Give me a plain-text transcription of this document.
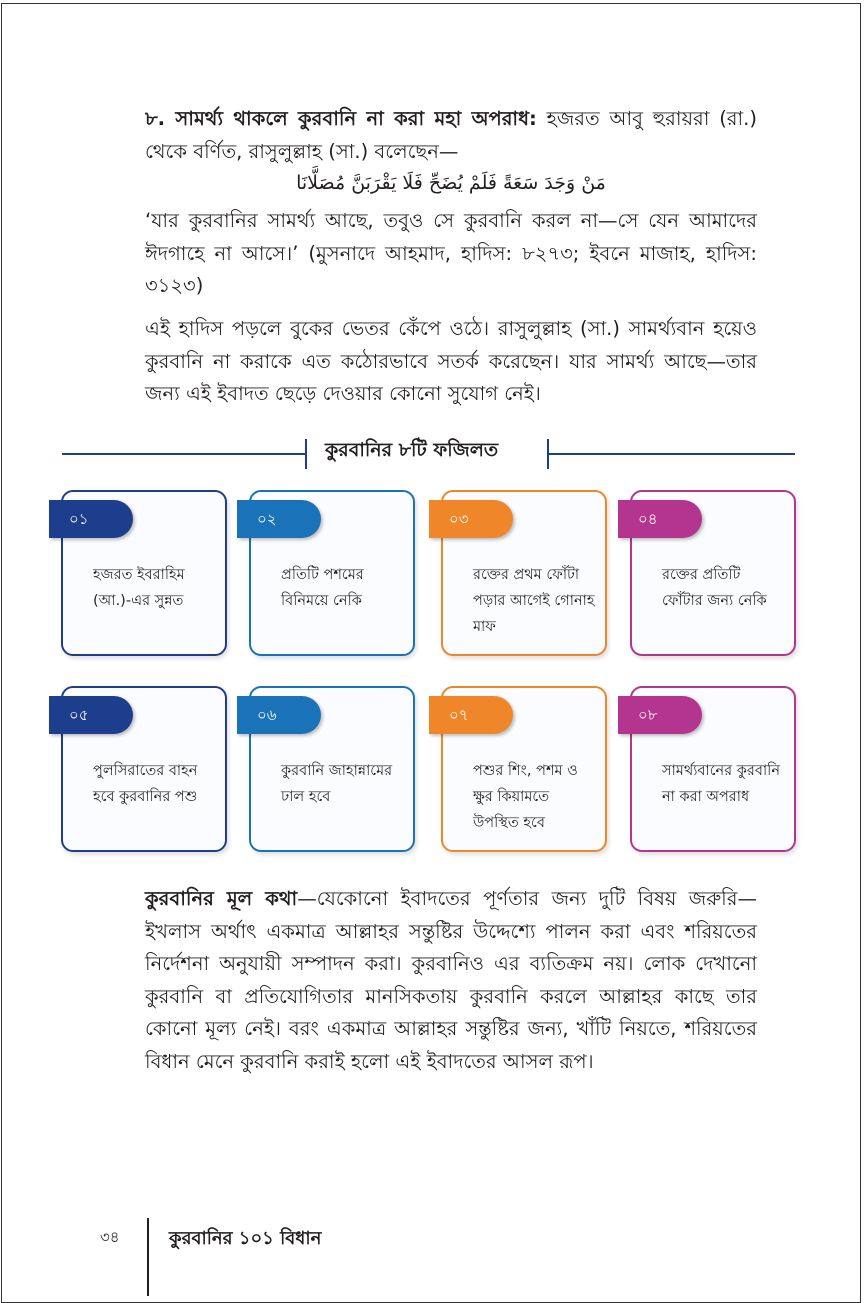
৮. সামর্থ্য থাকলে কুরবানি না করা মহা অপরাধ: হজরত আবু হুরায়রা (রা.) থেকে বর্ণিত, রাসুলুল্লাহ (সা.) বলেছেন—
مَنْ وَجَدَ سَعَةً فَلَمْ يُضَحِّ فَلَا يَقْرَبَنَّ مُصَلَّانَا
‘যার কুরবানির সামর্থ্য আছে, তবুও সে কুরবানি করল না—সে যেন আমাদের ঈদগাহে না আসে।’ (মুসনাদে আহমাদ, হাদিস: ৮২৭৩; ইবনে মাজাহ, হাদিস: ৩১২৩)
এই হাদিস পড়লে বুকের ভেতর কেঁপে ওঠে। রাসুলুল্লাহ (সা.) সামর্থ্যবান হয়েও কুরবানি না করাকে এত কঠোরভাবে সতর্ক করেছেন। যার সামর্থ্য আছে—তার জন্য এই ইবাদত ছেড়ে দেওয়ার কোনো সুযোগ নেই।
কুরবানির ৮টি ফজিলত
০১
হজরত ইবরাহিম (আ.)-এর সুন্নত
০২
প্রতিটি পশমের বিনিময়ে নেকি
০৩
রক্তের প্রথম ফোঁটা পড়ার আগেই গোনাহ মাফ
০৪
রক্তের প্রতিটি ফোঁটার জন্য নেকি
০৫
পুলসিরাতের বাহন হবে কুরবানির পশু
০৬
কুরবানি জাহান্নামের ঢাল হবে
০৭
পশুর শিং, পশম ও ক্ষুর কিয়ামতে উপস্থিত হবে
০৮
সামর্থ্যবানের কুরবানি না করা অপরাধ
কুরবানির মূল কথা—যেকোনো ইবাদতের পূর্ণতার জন্য দুটি বিষয় জরুরি—ইখলাস অর্থাৎ একমাত্র আল্লাহর সন্তুষ্টির উদ্দেশ্যে পালন করা এবং শরিয়তের নির্দেশনা অনুযায়ী সম্পাদন করা। কুরবানিও এর ব্যতিক্রম নয়। লোক দেখানো কুরবানি বা প্রতিযোগিতার মানসিকতায় কুরবানি করলে আল্লাহর কাছে তার কোনো মূল্য নেই। বরং একমাত্র আল্লাহর সন্তুষ্টির জন্য, খাঁটি নিয়তে, শরিয়তের বিধান মেনে কুরবানি করাই হলো এই ইবাদতের আসল রূপ।
৩৪	কুরবানির ১০১ বিধান
